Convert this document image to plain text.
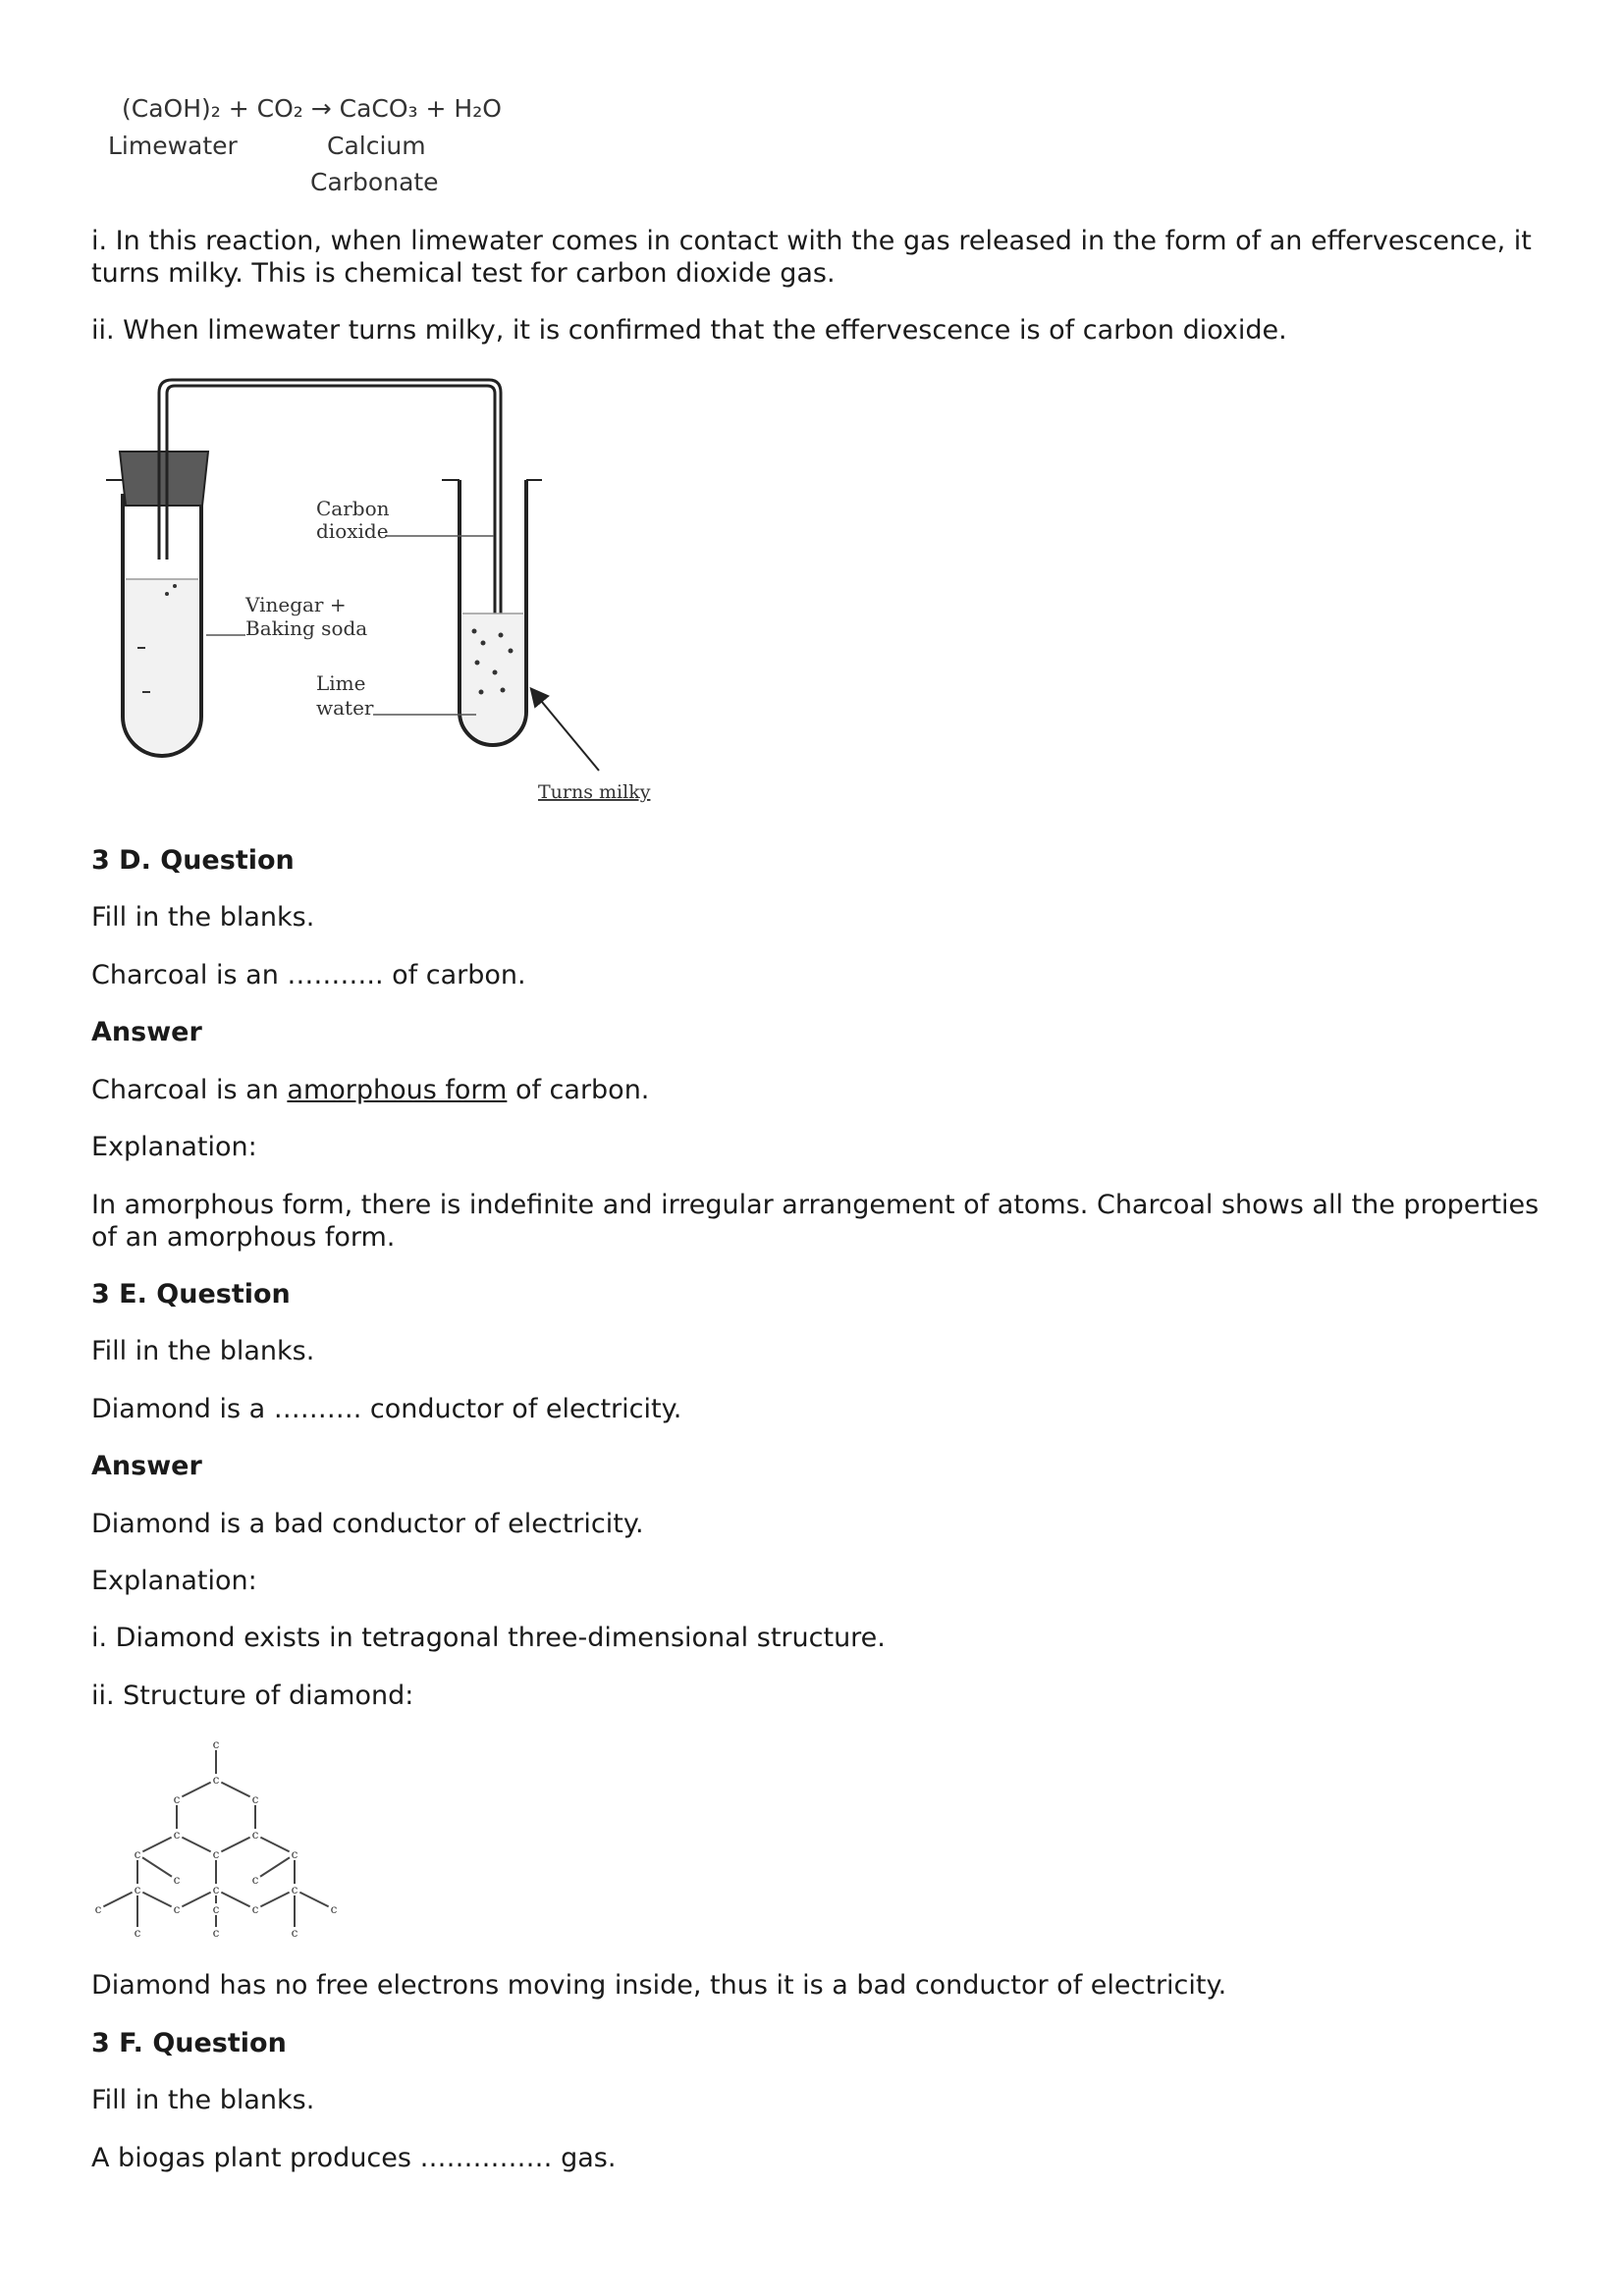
(CaOH)₂ + CO₂ → CaCO₃ + H₂O
Limewater	Calcium
Carbonate

i. In this reaction, when limewater comes in contact with the gas released in the form of an effervescence, it turns milky. This is chemical test for carbon dioxide gas.

ii. When limewater turns milky, it is confirmed that the effervescence is of carbon dioxide.

Carbon
dioxide
Vinegar +
Baking soda
Lime
water
Turns milky

3 D. Question

Fill in the blanks.

Charcoal is an ……….. of carbon.

Answer

Charcoal is an amorphous form of carbon.

Explanation:

In amorphous form, there is indefinite and irregular arrangement of atoms. Charcoal shows all the properties of an amorphous form.

3 E. Question

Fill in the blanks.

Diamond is a ………. conductor of electricity.

Answer

Diamond is a bad conductor of electricity.

Explanation:

i. Diamond exists in tetragonal three-dimensional structure.

ii. Structure of diamond:

c
c
c	c
c	c
c	c	c
c
c
c
c
c
c	c	c	c	c
c	c	c

Diamond has no free electrons moving inside, thus it is a bad conductor of electricity.

3 F. Question

Fill in the blanks.

A biogas plant produces …………… gas.
